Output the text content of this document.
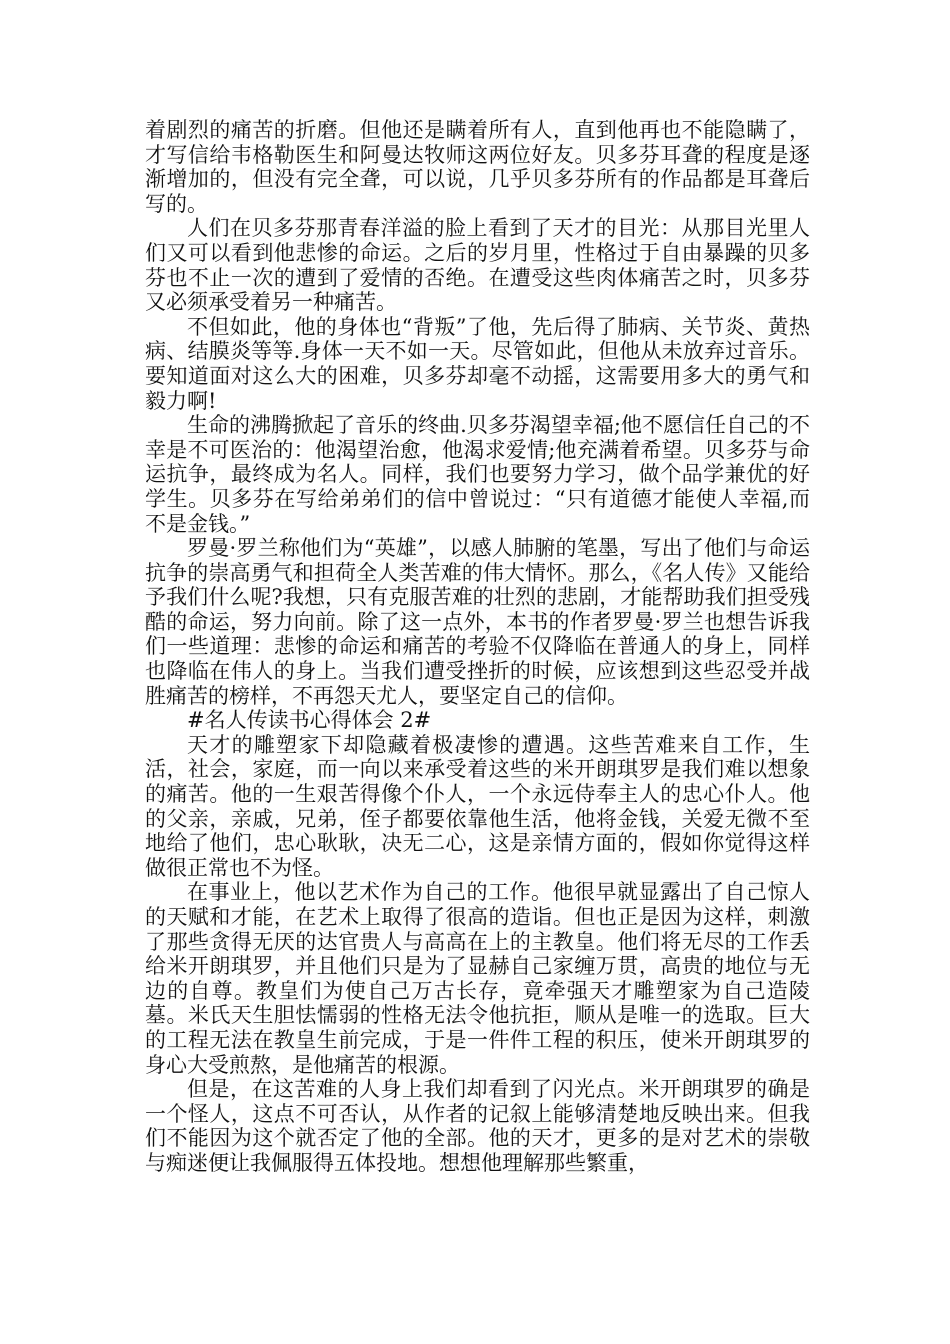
着剧烈的痛苦的折磨。但他还是瞒着所有人，直到他再也不能隐瞒了，才写信给韦格勒医生和阿曼达牧师这两位好友。贝多芬耳聋的程度是逐渐增加的，但没有完全聋，可以说，几乎贝多芬所有的作品都是耳聋后写的。

人们在贝多芬那青春洋溢的脸上看到了天才的目光：从那目光里人们又可以看到他悲惨的命运。之后的岁月里，性格过于自由暴躁的贝多芬也不止一次的遭到了爱情的否绝。在遭受这些肉体痛苦之时，贝多芬又必须承受着另一种痛苦。

不但如此，他的身体也“背叛”了他，先后得了肺病、关节炎、黄热病、结膜炎等等.身体一天不如一天。尽管如此，但他从未放弃过音乐。要知道面对这么大的困难，贝多芬却毫不动摇，这需要用多大的勇气和毅力啊!

生命的沸腾掀起了音乐的终曲.贝多芬渴望幸福;他不愿信任自己的不幸是不可医治的：他渴望治愈，他渴求爱情;他充满着希望。贝多芬与命运抗争，最终成为名人。同样，我们也要努力学习，做个品学兼优的好学生。贝多芬在写给弟弟们的信中曾说过：“只有道德才能使人幸福,而不是金钱。”

罗曼·罗兰称他们为“英雄”，以感人肺腑的笔墨，写出了他们与命运抗争的崇高勇气和担荷全人类苦难的伟大情怀。那么，《名人传》又能给予我们什么呢?我想，只有克服苦难的壮烈的悲剧，才能帮助我们担受残酷的命运，努力向前。除了这一点外，本书的作者罗曼·罗兰也想告诉我们一些道理：悲惨的命运和痛苦的考验不仅降临在普通人的身上，同样也降临在伟人的身上。当我们遭受挫折的时候，应该想到这些忍受并战胜痛苦的榜样，不再怨天尤人，要坚定自己的信仰。

#名人传读书心得体会 2#

天才的雕塑家下却隐藏着极凄惨的遭遇。这些苦难来自工作，生活，社会，家庭，而一向以来承受着这些的米开朗琪罗是我们难以想象的痛苦。他的一生艰苦得像个仆人，一个永远侍奉主人的忠心仆人。他的父亲，亲戚，兄弟，侄子都要依靠他生活，他将金钱，关爱无微不至地给了他们，忠心耿耿，决无二心，这是亲情方面的，假如你觉得这样做很正常也不为怪。

在事业上，他以艺术作为自己的工作。他很早就显露出了自己惊人的天赋和才能，在艺术上取得了很高的造诣。但也正是因为这样，刺激了那些贪得无厌的达官贵人与高高在上的主教皇。他们将无尽的工作丢给米开朗琪罗，并且他们只是为了显赫自己家缠万贯，高贵的地位与无边的自尊。教皇们为使自己万古长存，竟牵强天才雕塑家为自己造陵墓。米氏天生胆怯懦弱的性格无法令他抗拒，顺从是唯一的选取。巨大的工程无法在教皇生前完成，于是一件件工程的积压，使米开朗琪罗的身心大受煎熬，是他痛苦的根源。

但是，在这苦难的人身上我们却看到了闪光点。米开朗琪罗的确是一个怪人，这点不可否认，从作者的记叙上能够清楚地反映出来。但我们不能因为这个就否定了他的全部。他的天才，更多的是对艺术的崇敬与痴迷便让我佩服得五体投地。想想他理解那些繁重，
